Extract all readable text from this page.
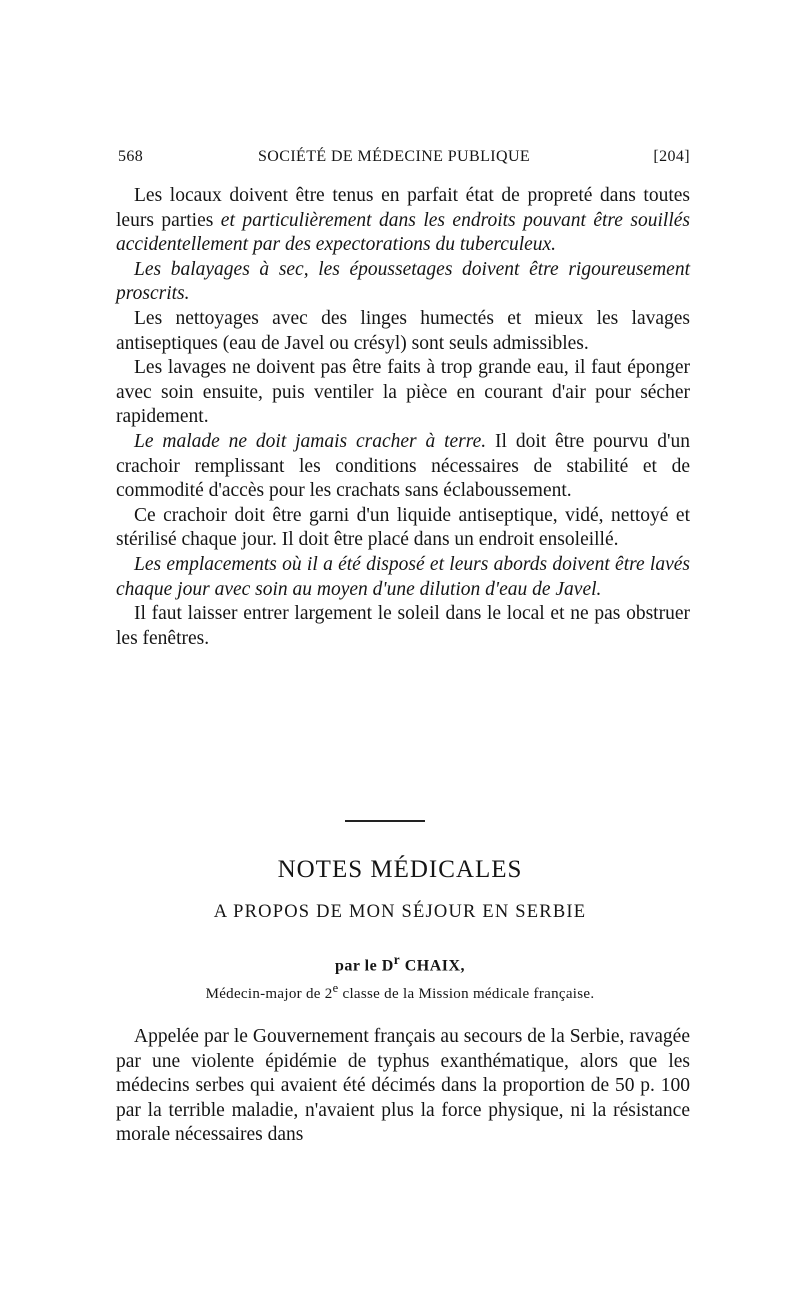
568	SOCIÉTÉ DE MÉDECINE PUBLIQUE	[204]

Les locaux doivent être tenus en parfait état de propreté dans toutes leurs parties et particulièrement dans les endroits pouvant être souillés accidentellement par des expectorations du tuberculeux.

Les balayages à sec, les époussetages doivent être rigoureusement proscrits.

Les nettoyages avec des linges humectés et mieux les lavages antiseptiques (eau de Javel ou crésyl) sont seuls admissibles.

Les lavages ne doivent pas être faits à trop grande eau, il faut éponger avec soin ensuite, puis ventiler la pièce en courant d'air pour sécher rapidement.

Le malade ne doit jamais cracher à terre. Il doit être pourvu d'un crachoir remplissant les conditions nécessaires de stabilité et de commodité d'accès pour les crachats sans éclaboussement.

Ce crachoir doit être garni d'un liquide antiseptique, vidé, nettoyé et stérilisé chaque jour. Il doit être placé dans un endroit ensoleillé.

Les emplacements où il a été disposé et leurs abords doivent être lavés chaque jour avec soin au moyen d'une dilution d'eau de Javel.

Il faut laisser entrer largement le soleil dans le local et ne pas obstruer les fenêtres.

NOTES MÉDICALES
A PROPOS DE MON SÉJOUR EN SERBIE
par le $D^r$ CHAIX,
Médecin-major de 2e classe de la Mission médicale française.

Appelée par le Gouvernement français au secours de la Serbie, ravagée par une violente épidémie de typhus exanthématique, alors que les médecins serbes qui avaient été décimés dans la proportion de 50 p. 100 par la terrible maladie, n'avaient plus la force physique, ni la résistance morale nécessaires dans
